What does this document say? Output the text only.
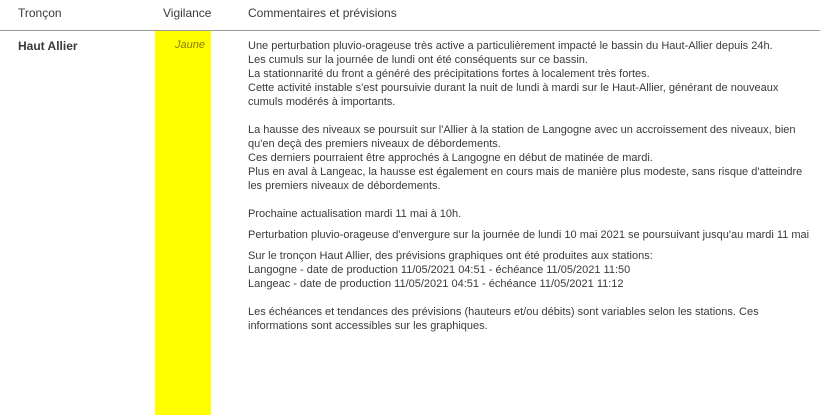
Tronçon	Vigilance	Commentaires et prévisions
Haut Allier	Jaune	Une perturbation pluvio-orageuse très active a particulièrement impacté le bassin du Haut-Allier depuis 24h.

Les cumuls sur la journée de lundi ont été conséquents sur ce bassin.

La stationnarité du front a généré des précipitations fortes à localement très fortes.

Cette activité instable s'est poursuivie durant la nuit de lundi à mardi sur le Haut-Allier, générant de nouveaux cumuls modérés à importants.

La hausse des niveaux se poursuit sur l'Allier à la station de Langogne avec un accroissement des niveaux, bien qu'en deçà des premiers niveaux de débordements.

Ces derniers pourraient être approchés à Langogne en début de matinée de mardi.

Plus en aval à Langeac, la hausse est également en cours mais de manière plus modeste, sans risque d'atteindre les premiers niveaux de débordements.

Prochaine actualisation mardi 11 mai à 10h.

Perturbation pluvio-orageuse d'envergure sur la journée de lundi 10 mai 2021 se poursuivant jusqu'au mardi 11 mai

Sur le tronçon Haut Allier, des prévisions graphiques ont été produites aux stations:

Langogne - date de production 11/05/2021 04:51 - échéance 11/05/2021 11:50

Langeac - date de production 11/05/2021 04:51 - échéance 11/05/2021 11:12

Les échéances et tendances des prévisions (hauteurs et/ou débits) sont variables selon les stations. Ces informations sont accessibles sur les graphiques.
